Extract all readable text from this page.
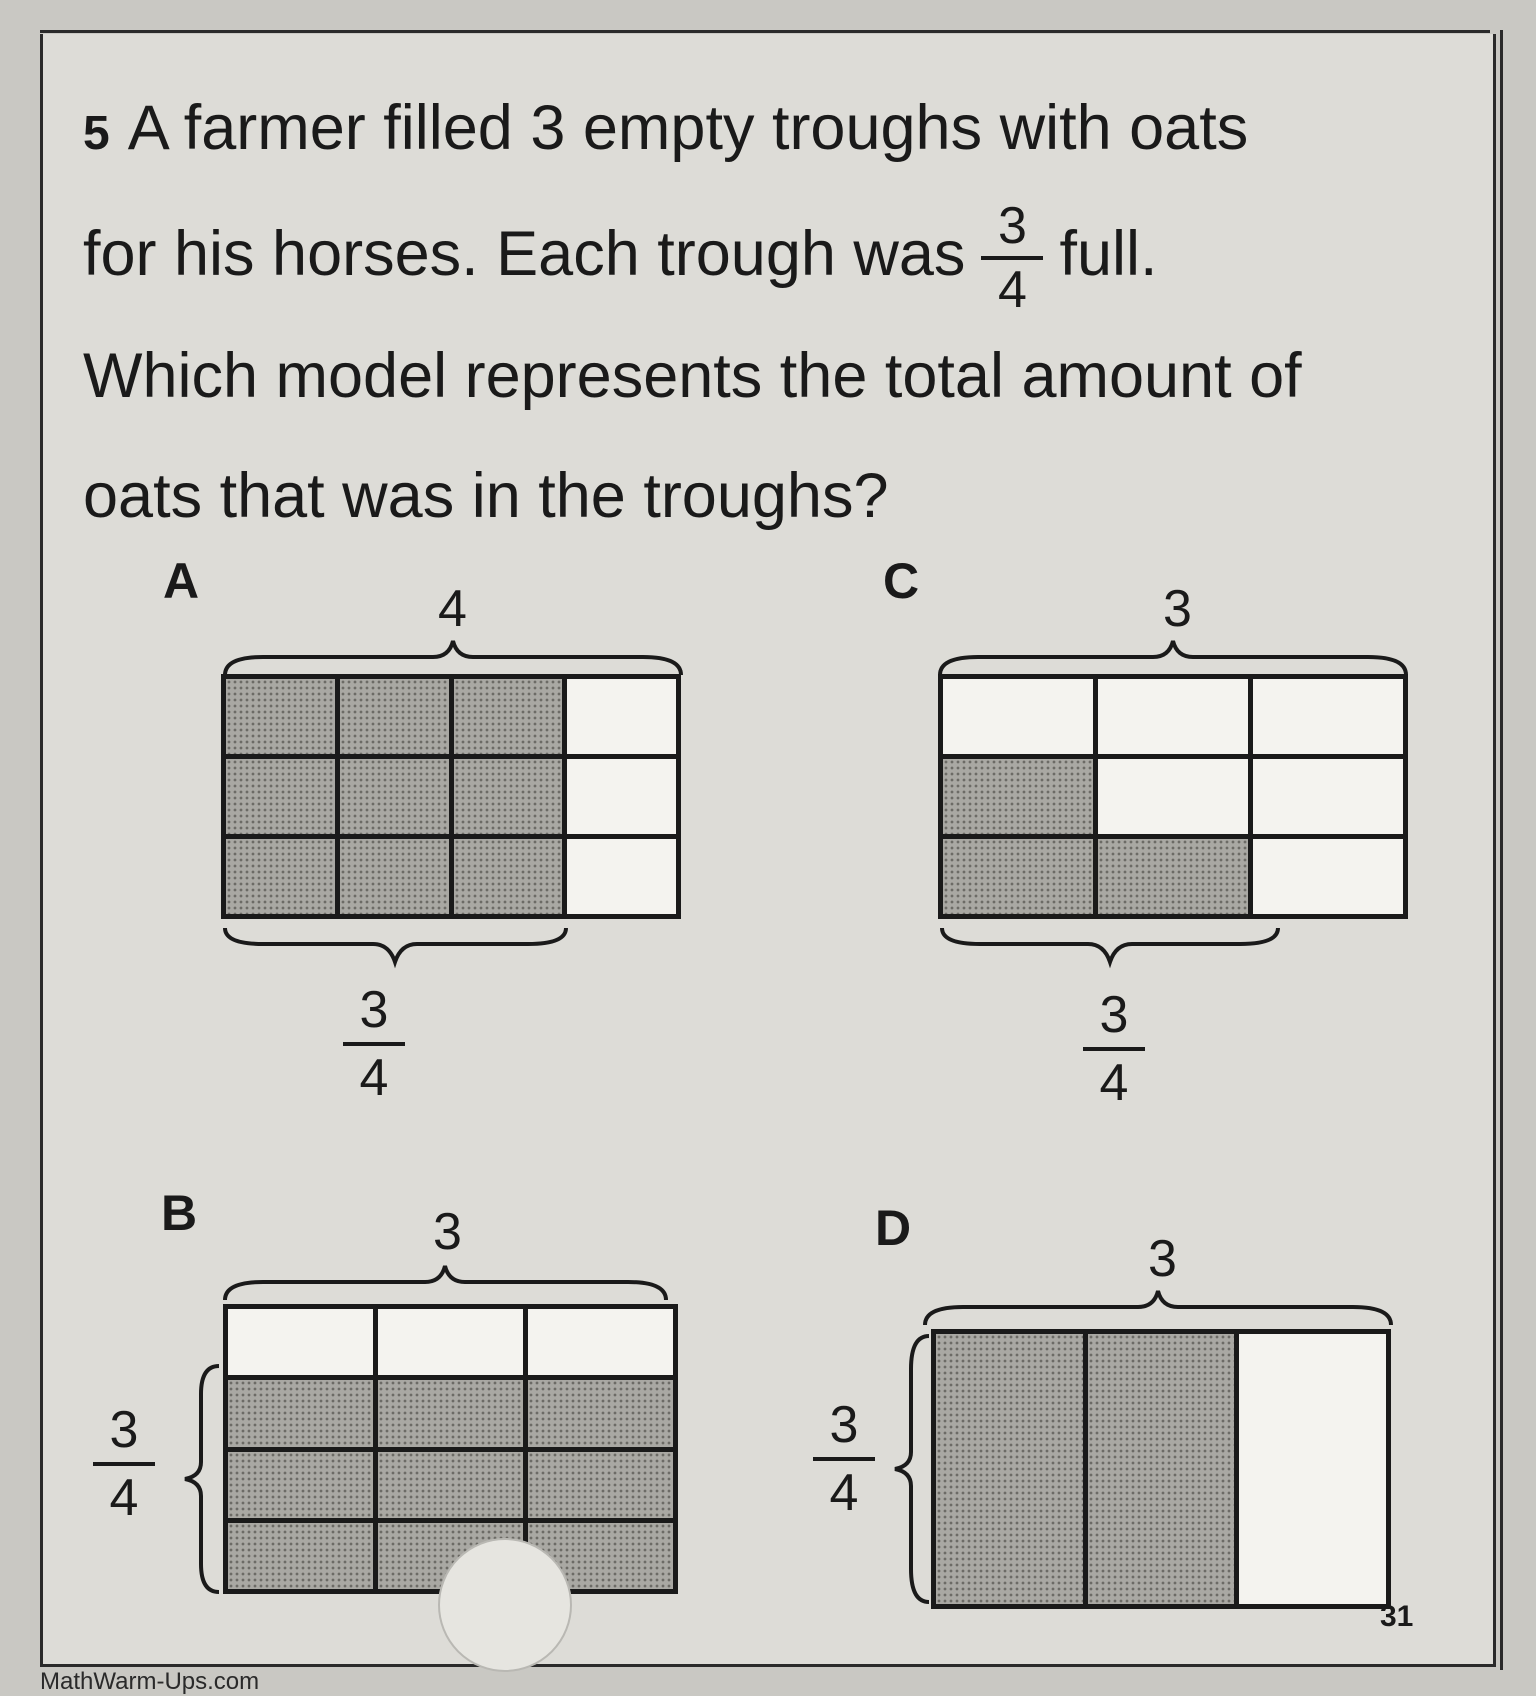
5 A farmer filled 3 empty troughs with oats
for his horses. Each trough was $\frac{3}{4}$ full.
Which model represents the total amount of
oats that was in the troughs?
A	4
3
4
C	3
3
4
B	3
3
4
D
3
3
4
31
MathWarm-Ups.com
